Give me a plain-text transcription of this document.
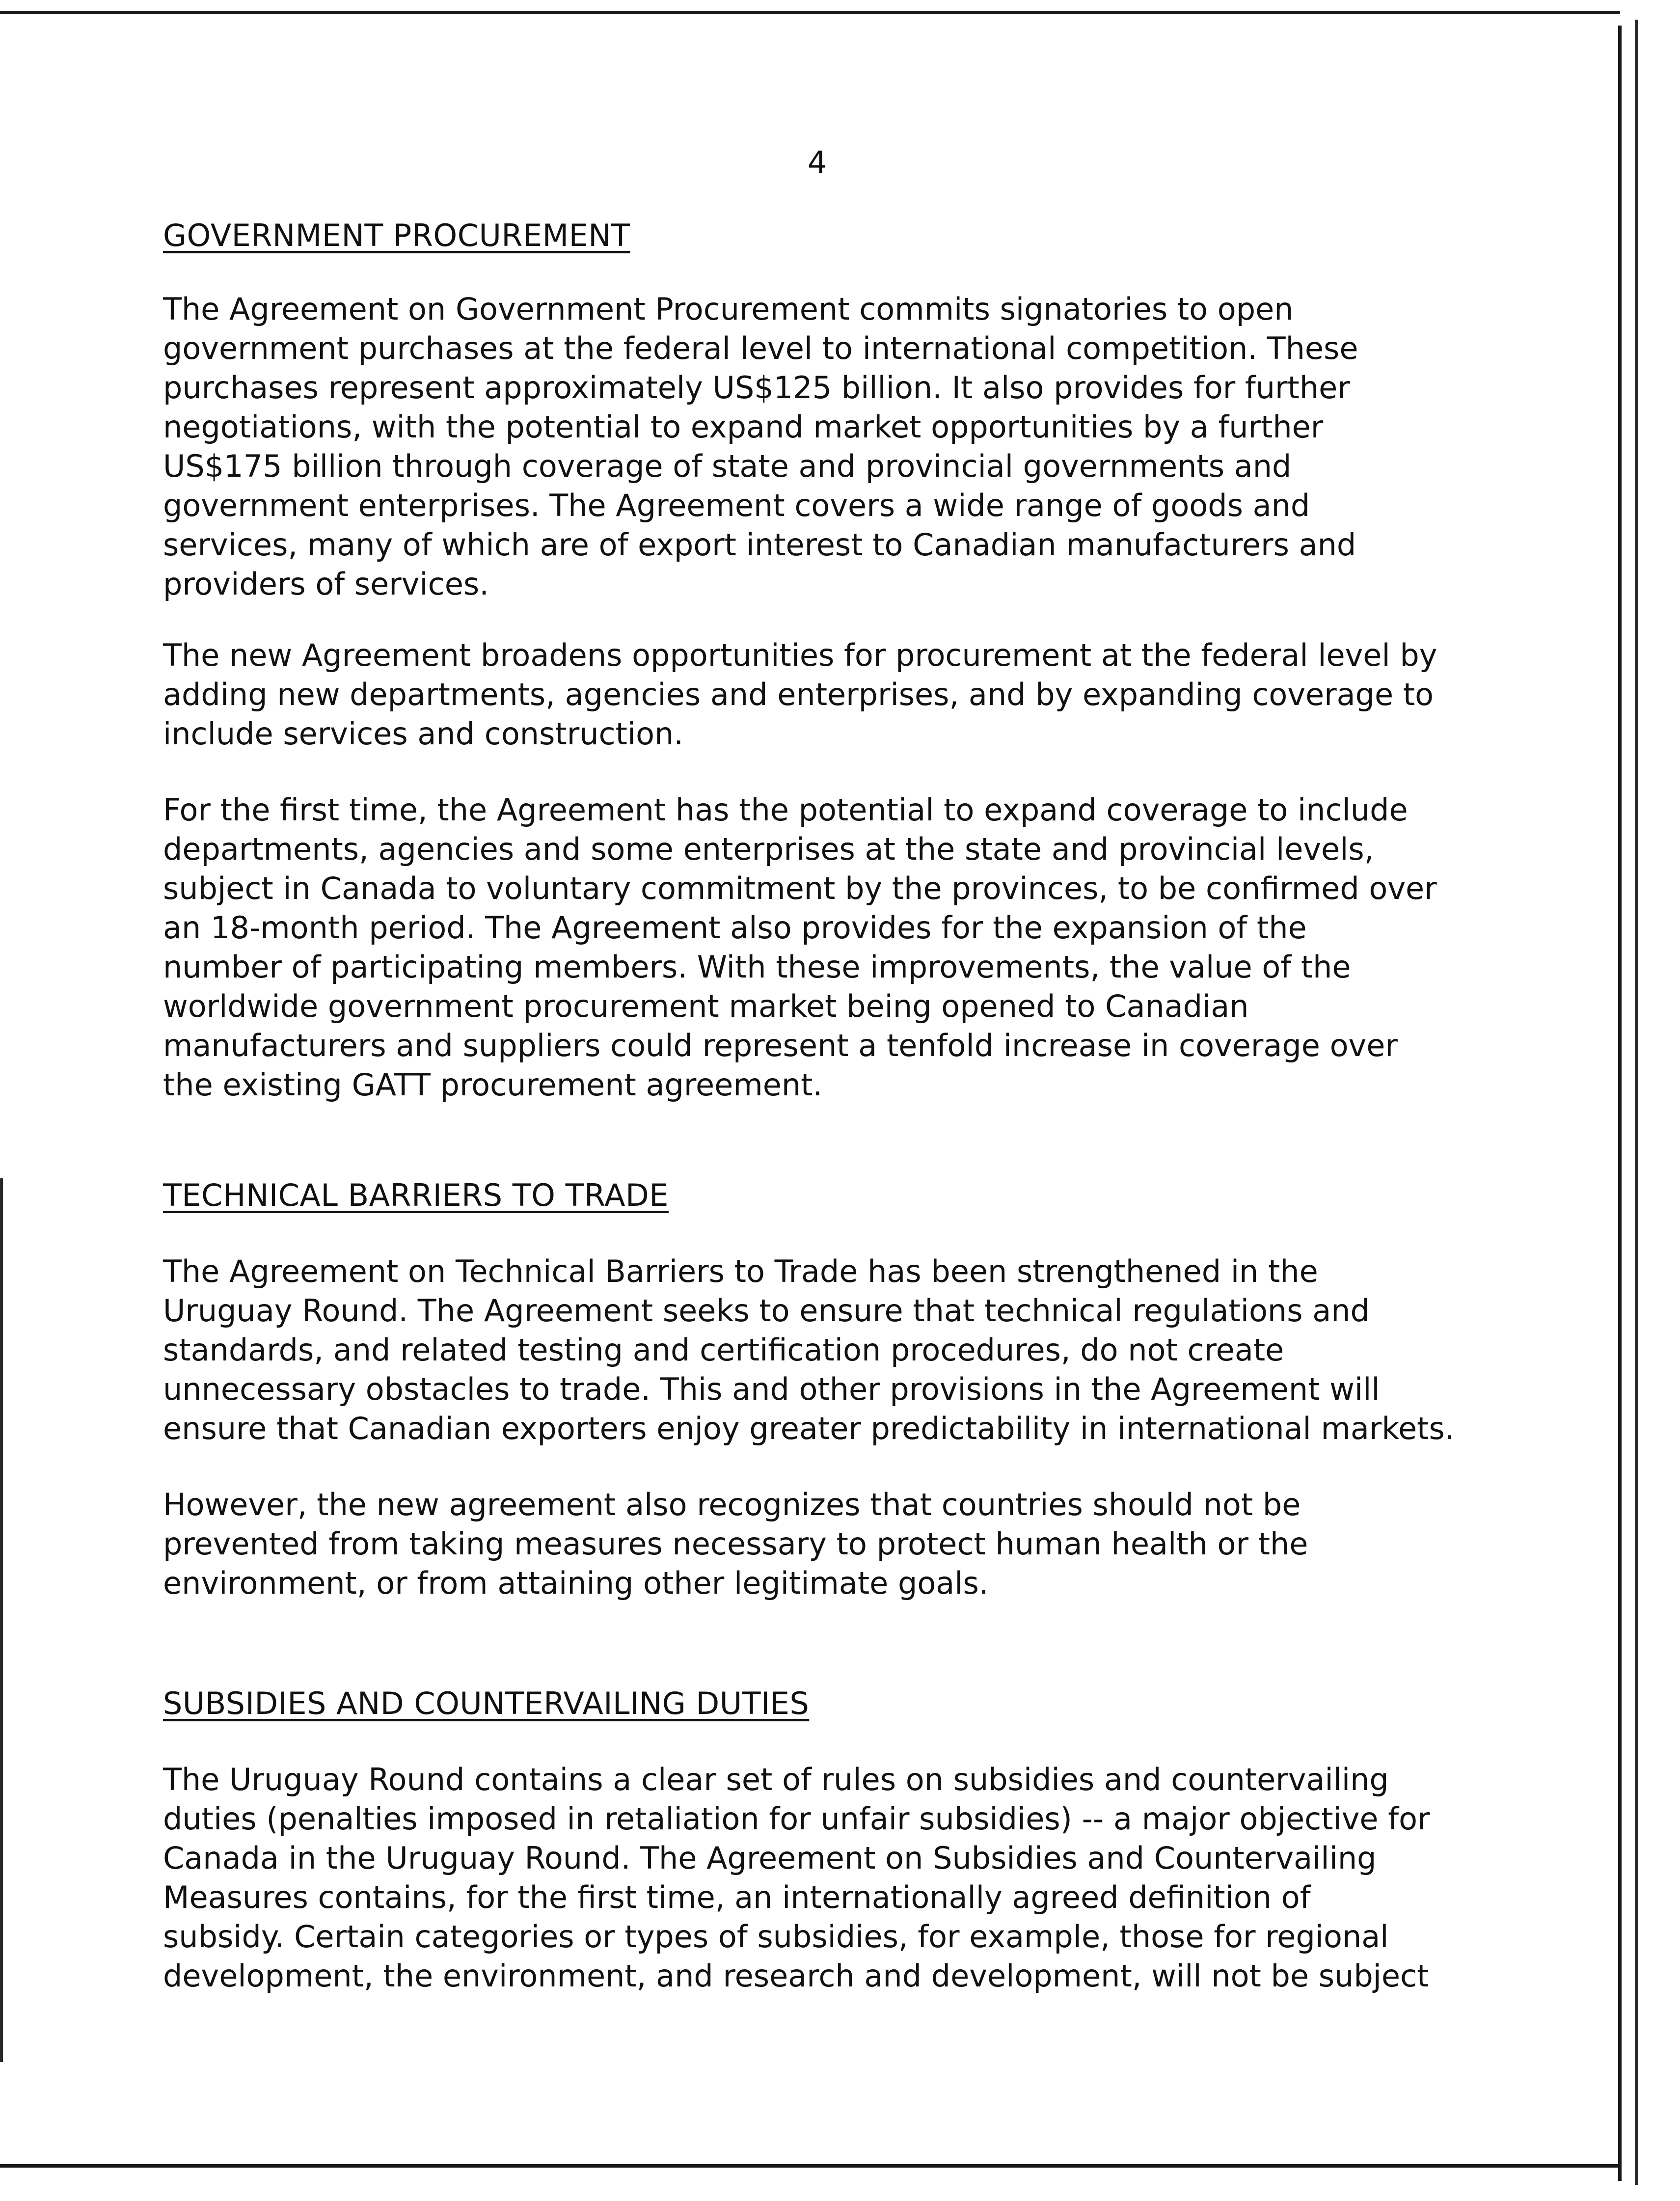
4
GOVERNMENT PROCUREMENT

The Agreement on Government Procurement commits signatories to open
government purchases at the federal level to international competition. These
purchases represent approximately US$125 billion. It also provides for further
negotiations, with the potential to expand market opportunities by a further
US$175 billion through coverage of state and provincial governments and
government enterprises. The Agreement covers a wide range of goods and
services, many of which are of export interest to Canadian manufacturers and
providers of services.

The new Agreement broadens opportunities for procurement at the federal level by
adding new departments, agencies and enterprises, and by expanding coverage to
include services and construction.

For the first time, the Agreement has the potential to expand coverage to include
departments, agencies and some enterprises at the state and provincial levels,
subject in Canada to voluntary commitment by the provinces, to be confirmed over
an 18-month period. The Agreement also provides for the expansion of the
number of participating members. With these improvements, the value of the
worldwide government procurement market being opened to Canadian
manufacturers and suppliers could represent a tenfold increase in coverage over
the existing GATT procurement agreement.

TECHNICAL BARRIERS TO TRADE

The Agreement on Technical Barriers to Trade has been strengthened in the
Uruguay Round. The Agreement seeks to ensure that technical regulations and
standards, and related testing and certification procedures, do not create
unnecessary obstacles to trade. This and other provisions in the Agreement will
ensure that Canadian exporters enjoy greater predictability in international markets.

However, the new agreement also recognizes that countries should not be
prevented from taking measures necessary to protect human health or the
environment, or from attaining other legitimate goals.

SUBSIDIES AND COUNTERVAILING DUTIES

The Uruguay Round contains a clear set of rules on subsidies and countervailing
duties (penalties imposed in retaliation for unfair subsidies) -- a major objective for
Canada in the Uruguay Round. The Agreement on Subsidies and Countervailing
Measures contains, for the first time, an internationally agreed definition of
subsidy. Certain categories or types of subsidies, for example, those for regional
development, the environment, and research and development, will not be subject
